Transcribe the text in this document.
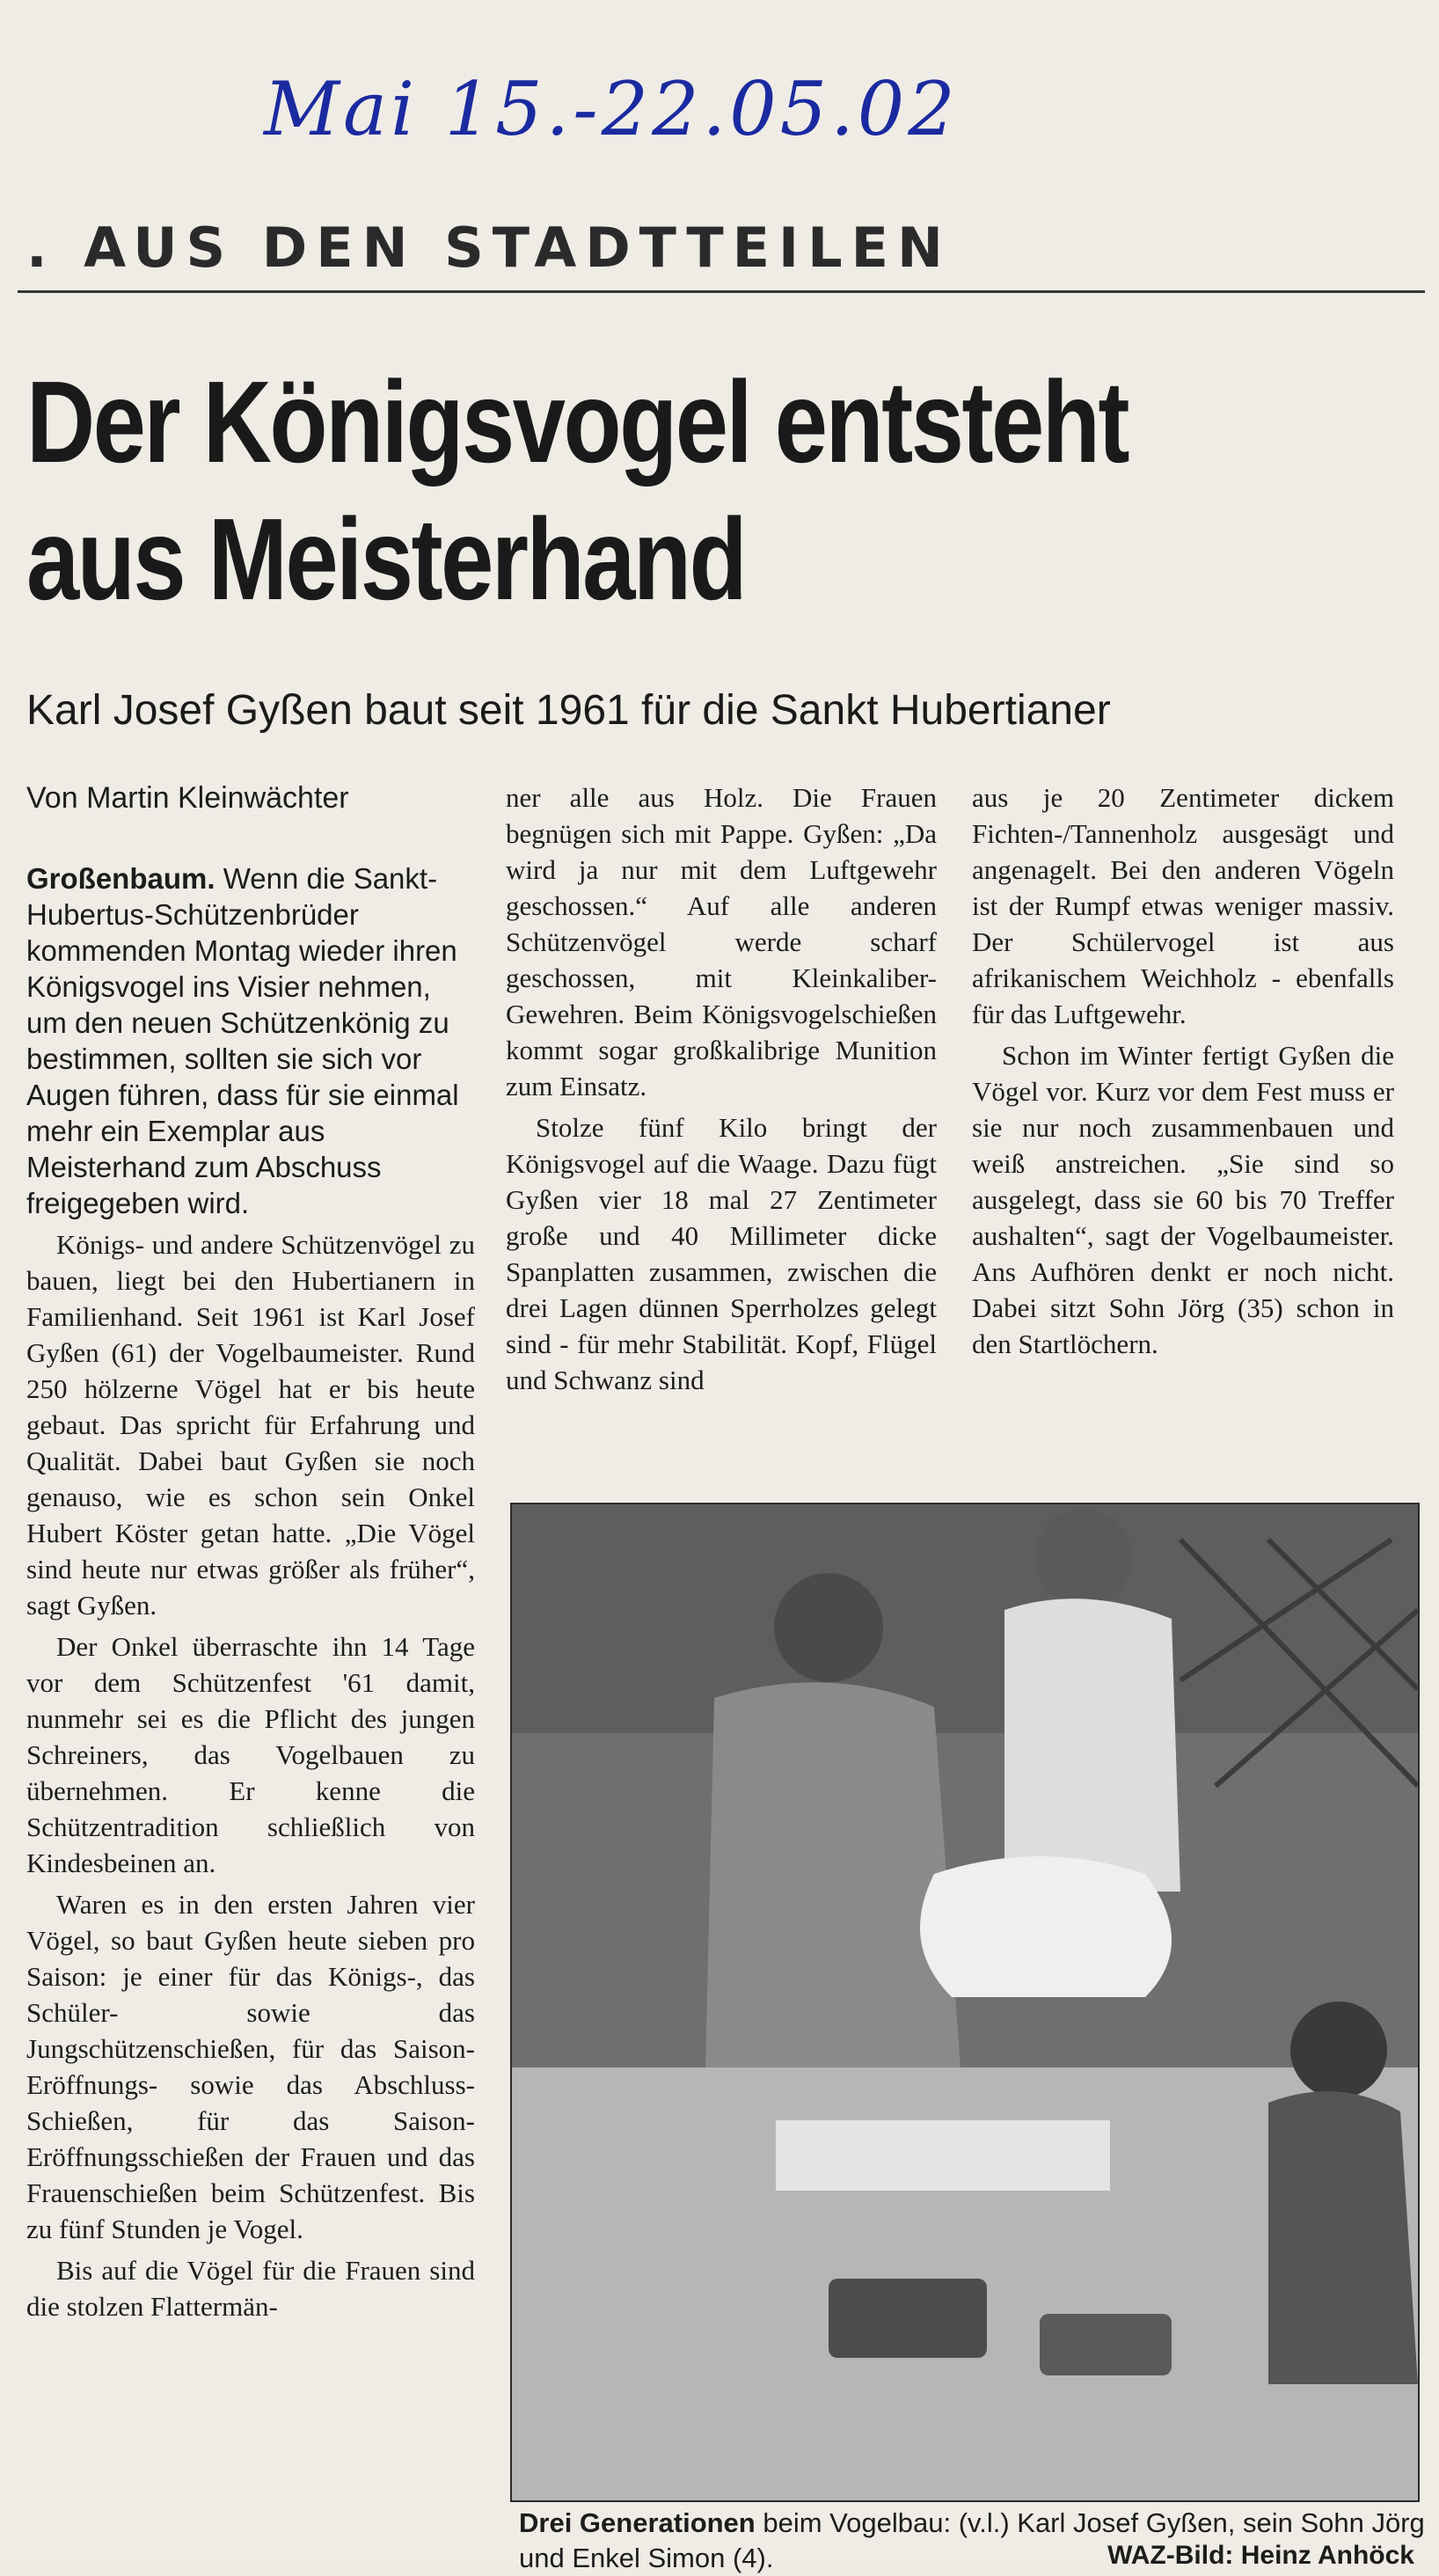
Mai 15.-22.05.02
. AUS DEN STADTTEILEN
Der Königsvogel entsteht
aus Meisterhand
Karl Josef Gyßen baut seit 1961 für die Sankt Hubertianer
Von Martin Kleinwächter

Großenbaum. Wenn die Sankt-Hubertus-Schützenbrüder kommenden Montag wieder ihren Königsvogel ins Visier nehmen, um den neuen Schützenkönig zu bestimmen, sollten sie sich vor Augen führen, dass für sie einmal mehr ein Exemplar aus Meisterhand zum Abschuss freigegeben wird.

Königs- und andere Schützenvögel zu bauen, liegt bei den Hubertianern in Familienhand. Seit 1961 ist Karl Josef Gyßen (61) der Vogelbaumeister. Rund 250 hölzerne Vögel hat er bis heute gebaut. Das spricht für Erfahrung und Qualität. Dabei baut Gyßen sie noch genauso, wie es schon sein Onkel Hubert Köster getan hatte. „Die Vögel sind heute nur etwas größer als früher“, sagt Gyßen.

Der Onkel überraschte ihn 14 Tage vor dem Schützenfest '61 damit, nunmehr sei es die Pflicht des jungen Schreiners, das Vogelbauen zu übernehmen. Er kenne die Schützentradition schließlich von Kindesbeinen an.

Waren es in den ersten Jahren vier Vögel, so baut Gyßen heute sieben pro Saison: je einer für das Königs-, das Schüler- sowie das Jungschützenschießen, für das Saison-Eröffnungs- sowie das Abschluss-Schießen, für das Saison-Eröffnungsschießen der Frauen und das Frauenschießen beim Schützenfest. Bis zu fünf Stunden je Vogel.

Bis auf die Vögel für die Frauen sind die stolzen Flattermän-

ner alle aus Holz. Die Frauen begnügen sich mit Pappe. Gyßen: „Da wird ja nur mit dem Luftgewehr geschossen.“ Auf alle anderen Schützenvögel werde scharf geschossen, mit Kleinkaliber-Gewehren. Beim Königsvogelschießen kommt sogar großkalibrige Munition zum Einsatz.

Stolze fünf Kilo bringt der Königsvogel auf die Waage. Dazu fügt Gyßen vier 18 mal 27 Zentimeter große und 40 Millimeter dicke Spanplatten zusammen, zwischen die drei Lagen dünnen Sperrholzes gelegt sind - für mehr Stabilität. Kopf, Flügel und Schwanz sind

aus je 20 Zentimeter dickem Fichten-/Tannenholz ausgesägt und angenagelt. Bei den anderen Vögeln ist der Rumpf etwas weniger massiv. Der Schülervogel ist aus afrikanischem Weichholz - ebenfalls für das Luftgewehr.

Schon im Winter fertigt Gyßen die Vögel vor. Kurz vor dem Fest muss er sie nur noch zusammenbauen und weiß anstreichen. „Sie sind so ausgelegt, dass sie 60 bis 70 Treffer aushalten“, sagt der Vogelbaumeister. Ans Aufhören denkt er noch nicht. Dabei sitzt Sohn Jörg (35) schon in den Startlöchern.

Drei Generationen beim Vogelbau: (v.l.) Karl Josef Gyßen, sein Sohn Jörg und Enkel Simon (4).	WAZ-Bild: Heinz Anhöck
